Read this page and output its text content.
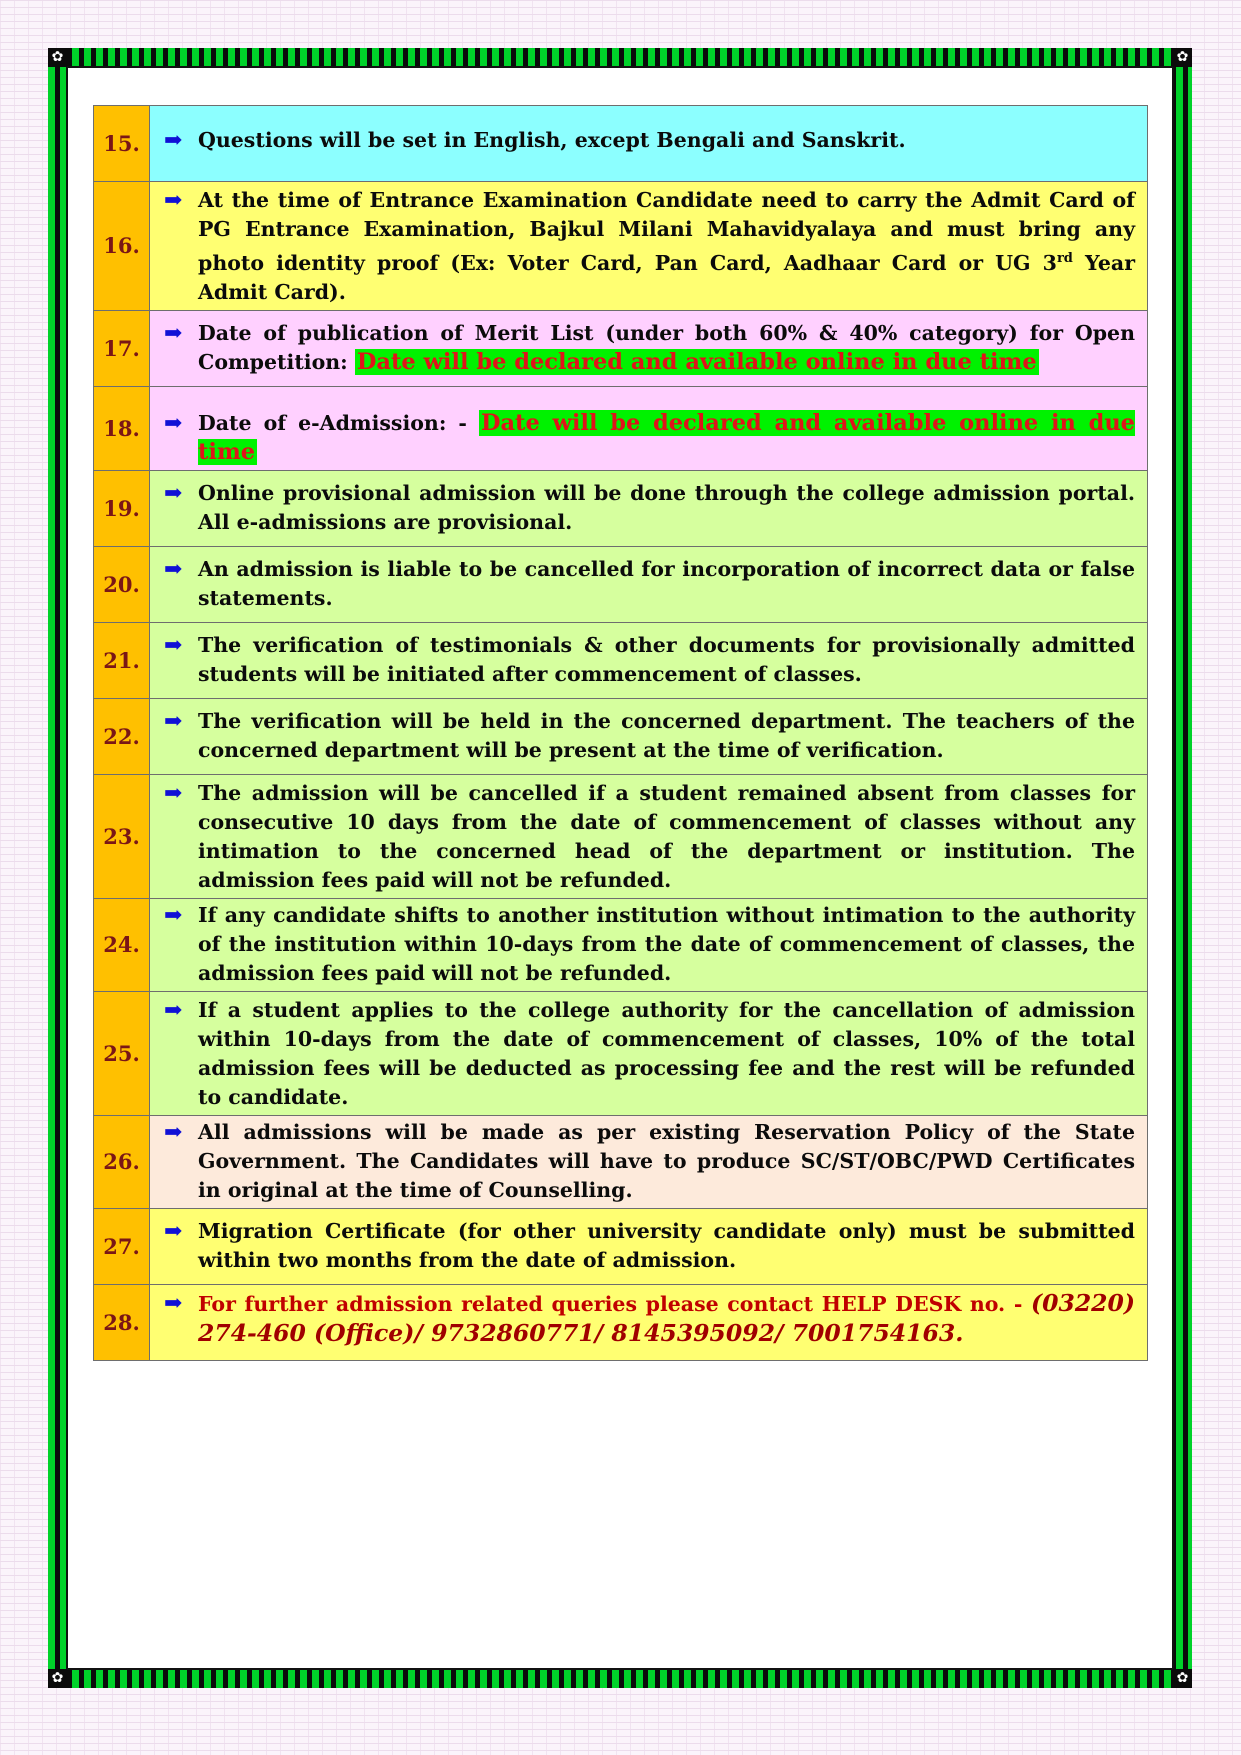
✿	✿
✿	✿
15.	➡ Questions will be set in English, except Bengali and Sanskrit.

16.	➡ At the time of Entrance Examination Candidate need to carry the Admit Card of PG Entrance Examination, Bajkul Milani Mahavidyalaya and must bring any photo identity proof (Ex: Voter Card, Pan Card, Aadhaar Card or UG 3rd Year Admit Card).

17.	➡ Date of publication of Merit List (under both 60% & 40% category) for Open Competition: Date will be declared and available online in due time

18.	➡ Date of e-Admission: - Date will be declared and available online in due time

19.	➡ Online provisional admission will be done through the college admission portal. All e-admissions are provisional.

20.	➡ An admission is liable to be cancelled for incorporation of incorrect data or false statements.

21.	➡ The verification of testimonials & other documents for provisionally admitted students will be initiated after commencement of classes.

22.	➡ The verification will be held in the concerned department. The teachers of the concerned department will be present at the time of verification.

23.	➡ The admission will be cancelled if a student remained absent from classes for consecutive 10 days from the date of commencement of classes without any intimation to the concerned head of the department or institution. The admission fees paid will not be refunded.

24.	➡ If any candidate shifts to another institution without intimation to the authority of the institution within 10-days from the date of commencement of classes, the admission fees paid will not be refunded.

25.	➡ If a student applies to the college authority for the cancellation of admission within 10-days from the date of commencement of classes, 10% of the total admission fees will be deducted as processing fee and the rest will be refunded to candidate.

26.	➡ All admissions will be made as per existing Reservation Policy of the State Government. The Candidates will have to produce SC/ST/OBC/PWD Certificates in original at the time of Counselling.

27.	➡ Migration Certificate (for other university candidate only) must be submitted within two months from the date of admission.

28.	➡ For further admission related queries please contact HELP DESK no. - (03220) 274-460 (Office)/ 9732860771/ 8145395092/ 7001754163.
